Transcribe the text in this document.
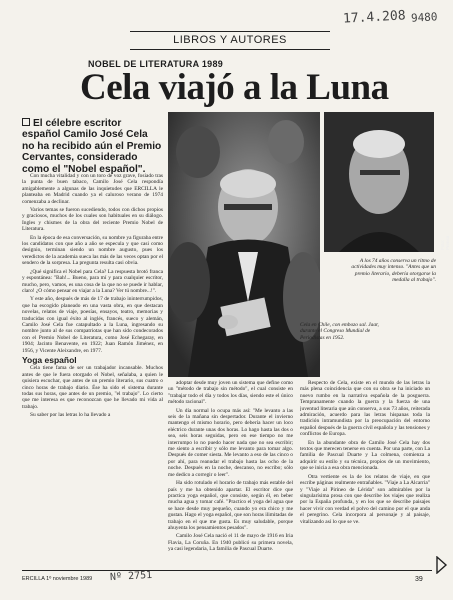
17.4.208 9480
LIBROS Y AUTORES
NOBEL DE LITERATURA 1989
Cela viajó a la Luna
El célebre escritor español Camilo José Cela no ha recibido aún el Premio Cervantes, considerado como el "Nobel español".

Con mucha vitalidad y con un toro de voz grave, fosiado tras la punta de buen tabaco, Camilo José Cela respondía amigablemente a algunas de las inquietudes que ERCILLA le planteaba en Madrid cuando ya el caluroso verano de 1974 comenzaba a declinar.

Varios temas se fueron sucediendo, todos con dichos propios y graciosos, muchos de los cuales son habituales en su diálogo. Ingles y chismes de la obra del reciente Premio Nobel de Literatura.

En la época de esa conversación, su nombre ya figuraba entre los candidatos con que año a año se especula y que casi como designio, terminan siendo un nombre augusto, pues los veredictos de la academia sueca las más de las veces optan por el sendero de la sorpresa. La pregunta resulta casi obvia.

¿Qué significa el Nobel para Cela? La respuesta brotó franca y espontánea: "Bah!... Bueno, para mí y para cualquier escritor, mucho, pero, vamos, es una cosa de la que no se puede ir hablar, claro! ¿O cómo pensar en viajar a la Luna? Ver tú nombre...!".

Y este año, después de más de 17 de trabajo ininterrumpidos, que ha escogido planeado en una vasta obra, en que destacan novelas, relatos de viaje, poesías, ensayos, teatro, memorias y traducidas con igual éxito al inglés, francés, sueco y alemán, Camilo José Cela fue catapultado a la Luna, ingresando su nombre junto al de sus compatriotas que han sido condecorados con el Premio Nobel de Literatura, como José Echegaray, en 1904; Jacinto Benavente, en 1922; Juan Ramón Jiménez, en 1956, y Vicente Aleixandre, en 1977.

Yoga español

Cela tiene fama de ser un trabajador incansable. Muchos antes de que le fuera otorgado el Nobel, señalaba, a quien le quisiera escuchar, que antes de un premio literario, sus cuatro o cinco horas de trabajo diario. Ése ha sido el sistema durante todas sus horas, que antes de un premio, "el trabajo". Lo cierto que me interesa es que reconozcan que he llevado mi vida al trabajo.

Su saber por las letras lo ha llevado a

Foto: Prensa
A los 74 años conserva un ritmo de actividades muy intenso. "Antes que un premio literario, debería otorgarse la medalla al trabajo".
Cela en Chile, con embozo sal. Jaar, durante el Congreso Mundial de Periodistas en 1952.

adoptar desde muy joven un sistema que define como un "método de trabajo sin método", el cual consiste en "trabajar todo el día y todos los días, siendo este el único método racional".

Un día normal lo ocupa más así: "Me levanto a las seis de la mañana sin despertador. Durante el invierno mantengo el mismo horario, pero debería hacer un loco eléctrico durante unas dos horas. Lo hago hasta las dos o sea, seis horas seguidas, pero en ese tiempo no me interrumpo lo no puedo hacer nada que no sea escribir; me siento a escribir y sólo me levanto para tomar algo. Después de comer siesta. Me levanto a eso de las cinco o por ahí, para reanudar el trabajo hasta las ocho de la noche. Después en la noche, descanso, no escribo; sólo me dedico a corregir o leer".

Ha sido rotulado el horario de trabajo más estable del país y me ha obtenido apartar. El escritor dice que practica yoga español, que consiste, según él, en beber mucha agua y tomar café. "Practico el yoga del agua que se hace desde muy pequeño, cuando yo era chico y me gustan. Hago el yoga español, que son horas ilimitadas de trabajo en el que me gusta. Es muy saludable, porque ahuyenta los pensamientos pesados".

Camilo José Cela nació el 11 de mayo de 1916 en Iria Flavia, La Coruña. En 1940 publicó su primera novela, ya casi legendaria, La familia de Pascual Duarte.

Respecto de Cela, existe en el mundo de las letras la más plena coincidencia que con su obra se ha iniciado un nuevo rumbo en la narrativa española de la posguerra. Tempranamente cuando la guerra y la fuerza de una juventud literaria que aún conserva, a sus 73 años, reiterada admiración, acuerdo para las letras hispanas toda la tradición intramundista por la preocupación del entorno español después de la guerra civil española y las tensiones y conflictos de Europa.

En la abundante obra de Camilo José Cela hay dos textos que merecen tenerse en cuenta. Por una parte, con La familia de Pascual Duarte y La colmena, comienza a adquirir su estilo y su técnica, propios de un movimiento, que se inicia a esa obra mencionada.

Otra vertiente es la de los relatos de viaje, en que escribe páginas realmente entrañables. "Viaje a La Alcarria" y "Viaje al Pirineo de Lérida" son admirables por la singularísima prosa con que describe los viajes que realiza por la España profunda, y en los que se describe paisajes hacer vivir con verdad el polvo del camino por el que anda el peregrino. Cela incorpora al personaje y al paisaje, vitalizando así lo que se ve.

ERCILLA 1º noviembre 1989 Nº 2751	39
